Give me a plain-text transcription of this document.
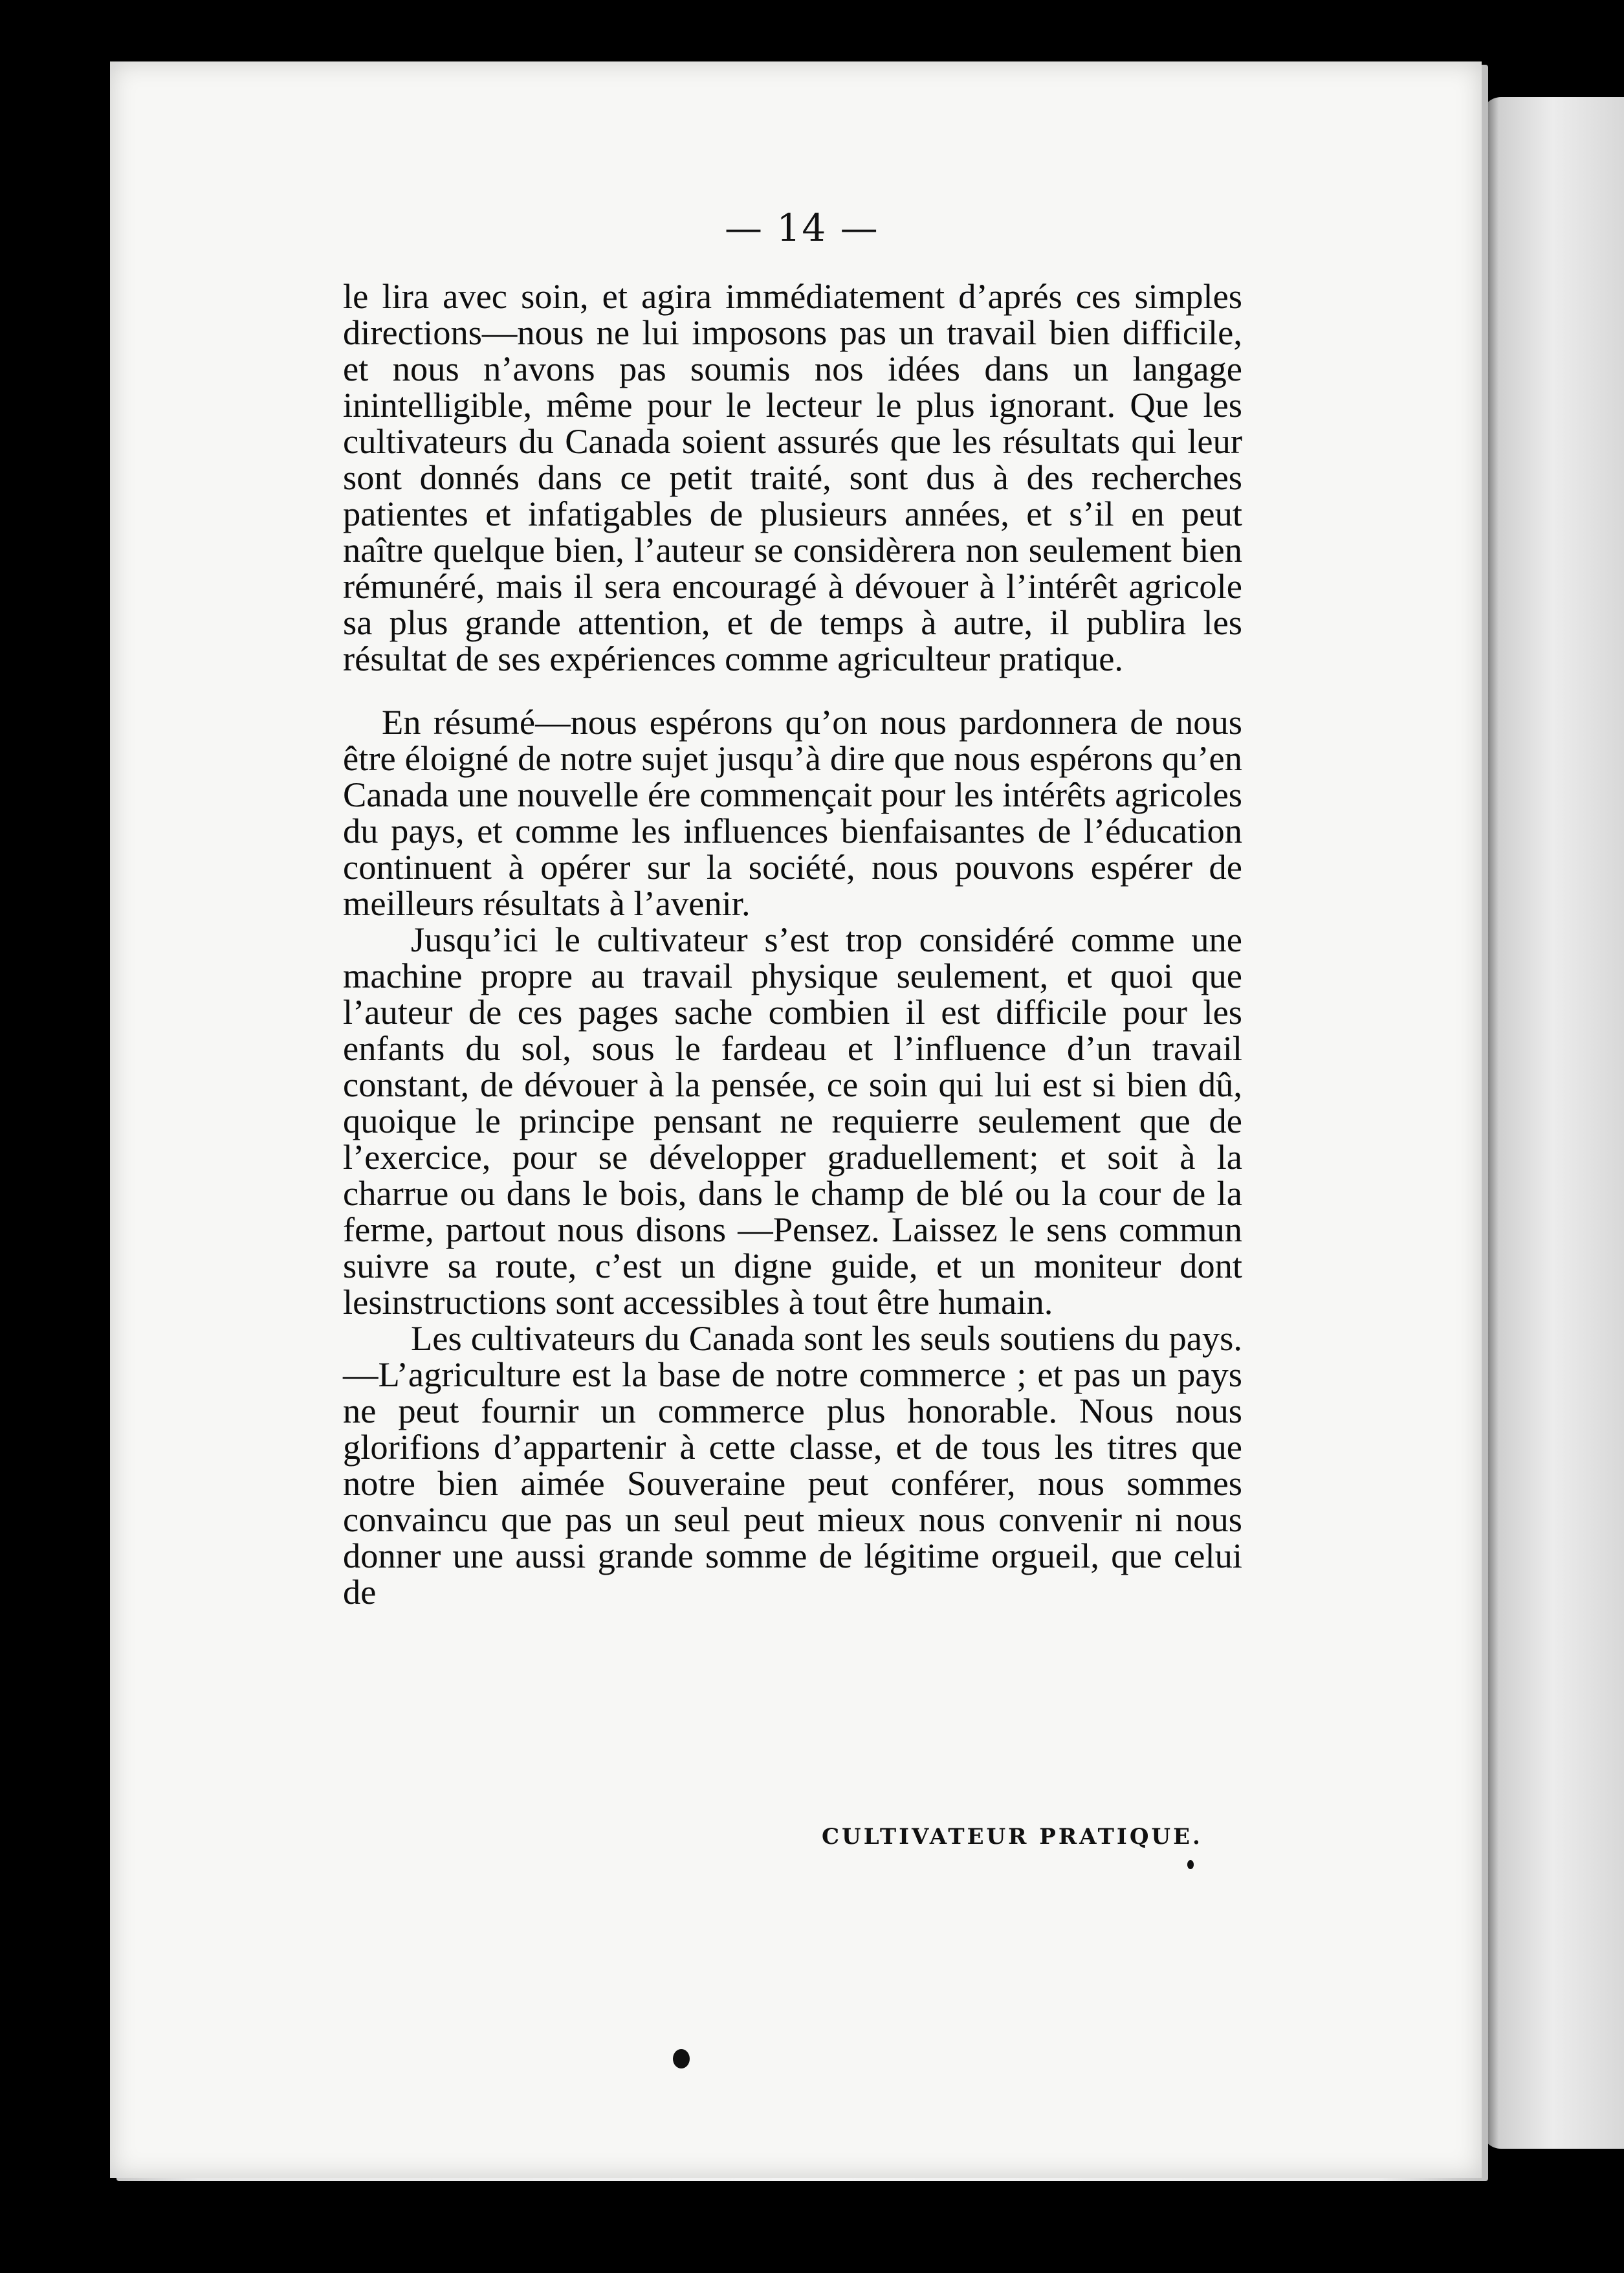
— 14 —

le lira avec soin, et agira immédiatement d’aprés ces simples directions—nous ne lui imposons pas un travail bien difficile, et nous n’avons pas soumis nos idées dans un langage inintelligible, même pour le lecteur le plus ignorant. Que les cultivateurs du Canada soient assurés que les résultats qui leur sont donnés dans ce petit traité, sont dus à des recherches patientes et infatigables de plusieurs années, et s’il en peut naître quelque bien, l’auteur se considèrera non seulement bien rémunéré, mais il sera encouragé à dévouer à l’intérêt agricole sa plus grande attention, et de temps à autre, il publira les résultat de ses expériences comme agriculteur pratique.

En résumé—nous espérons qu’on nous pardonnera de nous être éloigné de notre sujet jusqu’à dire que nous espérons qu’en Canada une nouvelle ére commençait pour les intérêts agricoles du pays, et comme les influences bienfaisantes de l’éducation continuent à opérer sur la société, nous pouvons espérer de meilleurs résultats à l’avenir.

Jusqu’ici le cultivateur s’est trop considéré comme une machine propre au travail physique seulement, et quoi que l’auteur de ces pages sache combien il est difficile pour les enfants du sol, sous le fardeau et l’influence d’un travail constant, de dévouer à la pensée, ce soin qui lui est si bien dû, quoique le principe pensant ne requierre seulement que de l’exercice, pour se développer graduellement; et soit à la charrue ou dans le bois, dans le champ de blé ou la cour de la ferme, partout nous disons —Pensez. Laissez le sens commun suivre sa route, c’est un digne guide, et un moniteur dont lesinstructions sont accessibles à tout être humain.

Les cultivateurs du Canada sont les seuls soutiens du pays.—L’agriculture est la base de notre commerce ; et pas un pays ne peut fournir un commerce plus honorable. Nous nous glorifions d’appartenir à cette classe, et de tous les titres que notre bien aimée Souveraine peut conférer, nous sommes convaincu que pas un seul peut mieux nous convenir ni nous donner une aussi grande somme de légitime orgueil, que celui de

CULTIVATEUR PRATIQUE.
